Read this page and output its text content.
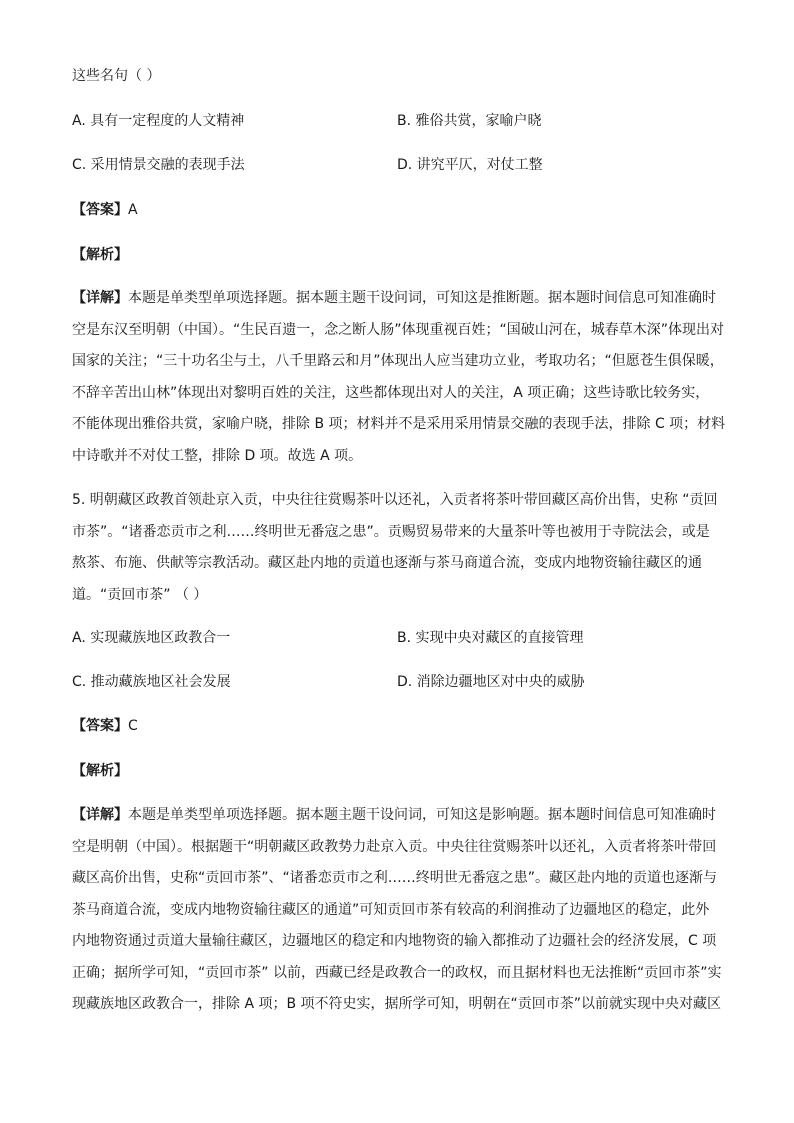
这些名句（ ）
A. 具有一定程度的人文精神	B. 雅俗共赏，家喻户晓
C. 采用情景交融的表现手法	D. 讲究平仄，对仗工整
【答案】A
【解析】
【详解】本题是单类型单项选择题。据本题主题干设问词，可知这是推断题。据本题时间信息可知准确时
空是东汉至明朝（中国）。“生民百遗一，念之断人肠”体现重视百姓；“国破山河在，城春草木深”体现出对
国家的关注；“三十功名尘与土，八千里路云和月”体现出人应当建功立业，考取功名；“但愿苍生俱保暖，
不辞辛苦出山林”体现出对黎明百姓的关注，这些都体现出对人的关注，A 项正确；这些诗歌比较务实，
不能体现出雅俗共赏，家喻户晓，排除 B 项；材料并不是采用采用情景交融的表现手法，排除 C 项；材料
中诗歌并不对仗工整，排除 D 项。故选 A 项。
5. 明朝藏区政教首领赴京入贡，中央往往赏赐茶叶以还礼，入贡者将茶叶带回藏区高价出售，史称 “贡回
市茶”。“诸番恋贡市之利……终明世无番寇之患”。贡赐贸易带来的大量茶叶等也被用于寺院法会，或是
熬茶、布施、供献等宗教活动。藏区赴内地的贡道也逐渐与茶马商道合流，变成内地物资输往藏区的通
道。“贡回市茶” （ ）
A. 实现藏族地区政教合一	B. 实现中央对藏区的直接管理
C. 推动藏族地区社会发展	D. 消除边疆地区对中央的威胁
【答案】C
【解析】
【详解】本题是单类型单项选择题。据本题主题干设问词，可知这是影响题。据本题时间信息可知准确时
空是明朝（中国）。根据题干“明朝藏区政教势力赴京入贡。中央往往赏赐茶叶以还礼，入贡者将茶叶带回
藏区高价出售，史称“贡回市茶”、“诸番恋贡市之利……终明世无番寇之患”。藏区赴内地的贡道也逐渐与
茶马商道合流，变成内地物资输往藏区的通道”可知贡回市茶有较高的利润推动了边疆地区的稳定，此外
内地物资通过贡道大量输往藏区，边疆地区的稳定和内地物资的输入都推动了边疆社会的经济发展，C 项
正确；据所学可知，“贡回市茶” 以前，西藏已经是政教合一的政权，而且据材料也无法推断“贡回市茶”实
现藏族地区政教合一，排除 A 项；B 项不符史实，据所学可知，明朝在“贡回市茶”以前就实现中央对藏区
